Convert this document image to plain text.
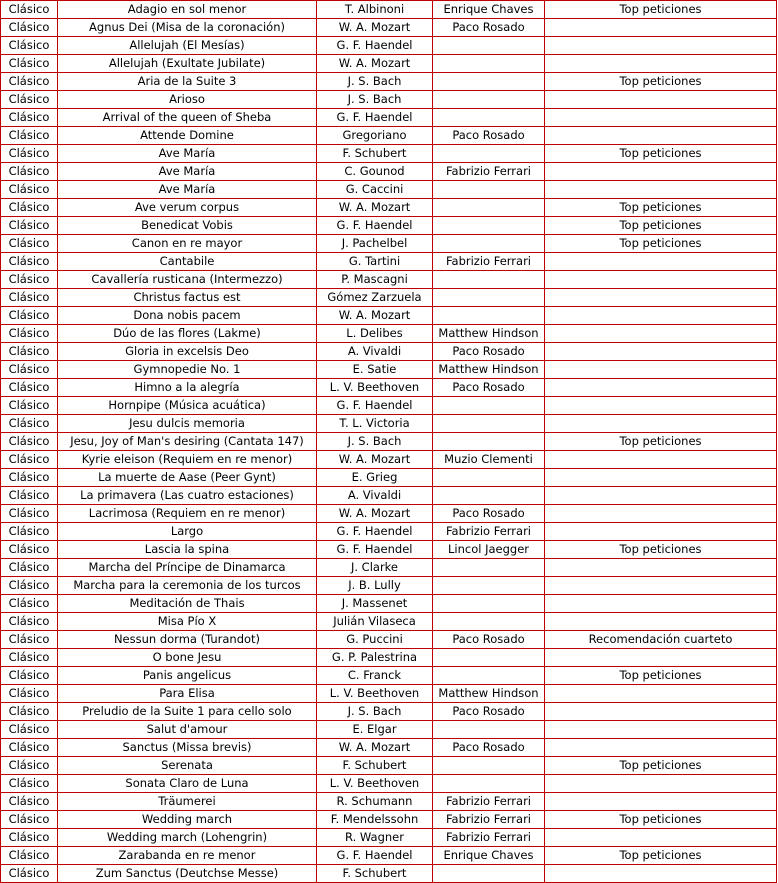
Clásico	Adagio en sol menor	T. Albinoni	Enrique Chaves	Top peticiones
Clásico	Agnus Dei (Misa de la coronación)	W. A. Mozart	Paco Rosado	
Clásico	Allelujah (El Mesías)	G. F. Haendel		
Clásico	Allelujah (Exultate Jubilate)	W. A. Mozart		
Clásico	Aria de la Suite 3	J. S. Bach		Top peticiones
Clásico	Arioso	J. S. Bach		
Clásico	Arrival of the queen of Sheba	G. F. Haendel		
Clásico	Attende Domine	Gregoriano	Paco Rosado	
Clásico	Ave María	F. Schubert		Top peticiones
Clásico	Ave María	C. Gounod	Fabrizio Ferrari	
Clásico	Ave María	G. Caccini		
Clásico	Ave verum corpus	W. A. Mozart		Top peticiones
Clásico	Benedicat Vobis	G. F. Haendel		Top peticiones
Clásico	Canon en re mayor	J. Pachelbel		Top peticiones
Clásico	Cantabile	G. Tartini	Fabrizio Ferrari	
Clásico	Cavallería rusticana (Intermezzo)	P. Mascagni		
Clásico	Christus factus est	Gómez Zarzuela		
Clásico	Dona nobis pacem	W. A. Mozart		
Clásico	Dúo de las flores (Lakme)	L. Delibes	Matthew Hindson	
Clásico	Gloria in excelsis Deo	A. Vivaldi	Paco Rosado	
Clásico	Gymnopedie No. 1	E. Satie	Matthew Hindson	
Clásico	Himno a la alegría	L. V. Beethoven	Paco Rosado	
Clásico	Hornpipe (Música acuática)	G. F. Haendel		
Clásico	Jesu dulcis memoria	T. L. Victoria		
Clásico	Jesu, Joy of Man's desiring (Cantata 147)	J. S. Bach		Top peticiones
Clásico	Kyrie eleison (Requiem en re menor)	W. A. Mozart	Muzio Clementi	
Clásico	La muerte de Aase (Peer Gynt)	E. Grieg		
Clásico	La primavera (Las cuatro estaciones)	A. Vivaldi		
Clásico	Lacrimosa (Requiem en re menor)	W. A. Mozart	Paco Rosado	
Clásico	Largo	G. F. Haendel	Fabrizio Ferrari	
Clásico	Lascia la spina	G. F. Haendel	Lincol Jaegger	Top peticiones
Clásico	Marcha del Príncipe de Dinamarca	J. Clarke		
Clásico	Marcha para la ceremonia de los turcos	J. B. Lully		
Clásico	Meditación de Thais	J. Massenet		
Clásico	Misa Pío X	Julián Vilaseca		
Clásico	Nessun dorma (Turandot)	G. Puccini	Paco Rosado	Recomendación cuarteto
Clásico	O bone Jesu	G. P. Palestrina		
Clásico	Panis angelicus	C. Franck		Top peticiones
Clásico	Para Elisa	L. V. Beethoven	Matthew Hindson	
Clásico	Preludio de la Suite 1 para cello solo	J. S. Bach	Paco Rosado	
Clásico	Salut d'amour	E. Elgar		
Clásico	Sanctus (Missa brevis)	W. A. Mozart	Paco Rosado	
Clásico	Serenata	F. Schubert		Top peticiones
Clásico	Sonata Claro de Luna	L. V. Beethoven		
Clásico	Träumerei	R. Schumann	Fabrizio Ferrari	
Clásico	Wedding march	F. Mendelssohn	Fabrizio Ferrari	Top peticiones
Clásico	Wedding march (Lohengrin)	R. Wagner	Fabrizio Ferrari	
Clásico	Zarabanda en re menor	G. F. Haendel	Enrique Chaves	Top peticiones
Clásico	Zum Sanctus (Deutchse Messe)	F. Schubert		
